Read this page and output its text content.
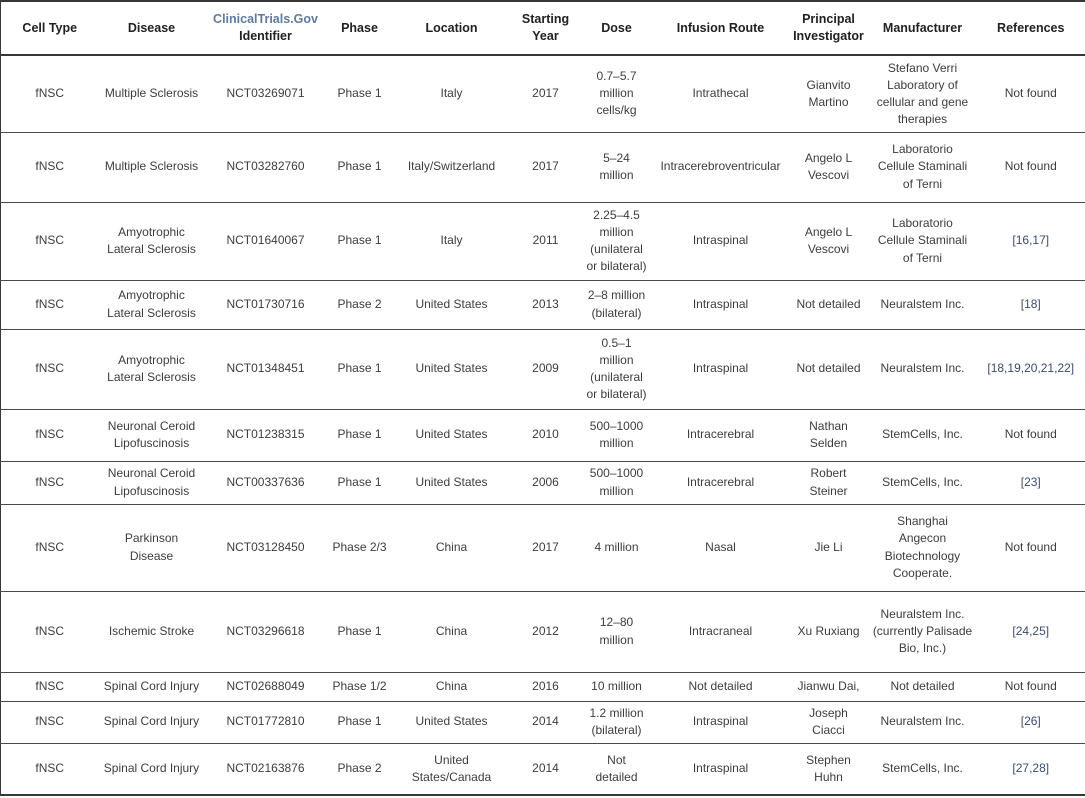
Cell Type	Disease	ClinicalTrials.Gov Identifier	Phase	Location	Starting Year	Dose	Infusion Route	Principal Investigator	Manufacturer	References
fNSC	Multiple Sclerosis	NCT03269071	Phase 1	Italy	2017	0.7–5.7 million cells/kg	Intrathecal	Gianvito Martino	Stefano Verri Laboratory of cellular and gene therapies	Not found
fNSC	Multiple Sclerosis	NCT03282760	Phase 1	Italy/Switzerland	2017	5–24 million	Intracerebroventricular	Angelo L Vescovi	Laboratorio Cellule Staminali of Terni	Not found
fNSC	Amyotrophic Lateral Sclerosis	NCT01640067	Phase 1	Italy	2011	2.25–4.5 million (unilateral or bilateral)	Intraspinal	Angelo L Vescovi	Laboratorio Cellule Staminali of Terni	[16,17]
fNSC	Amyotrophic Lateral Sclerosis	NCT01730716	Phase 2	United States	2013	2–8 million (bilateral)	Intraspinal	Not detailed	Neuralstem Inc.	[18]
fNSC	Amyotrophic Lateral Sclerosis	NCT01348451	Phase 1	United States	2009	0.5–1 million (unilateral or bilateral)	Intraspinal	Not detailed	Neuralstem Inc.	[18,19,20,21,22]
fNSC	Neuronal Ceroid Lipofuscinosis	NCT01238315	Phase 1	United States	2010	500–1000 million	Intracerebral	Nathan Selden	StemCells, Inc.	Not found
fNSC	Neuronal Ceroid Lipofuscinosis	NCT00337636	Phase 1	United States	2006	500–1000 million	Intracerebral	Robert Steiner	StemCells, Inc.	[23]
fNSC	Parkinson Disease	NCT03128450	Phase 2/3	China	2017	4 million	Nasal	Jie Li	Shanghai Angecon Biotechnology Cooperate.	Not found
fNSC	Ischemic Stroke	NCT03296618	Phase 1	China	2012	12–80 million	Intracraneal	Xu Ruxiang	Neuralstem Inc. (currently Palisade Bio, Inc.)	[24,25]
fNSC	Spinal Cord Injury	NCT02688049	Phase 1/2	China	2016	10 million	Not detailed	Jianwu Dai,	Not detailed	Not found
fNSC	Spinal Cord Injury	NCT01772810	Phase 1	United States	2014	1.2 million (bilateral)	Intraspinal	Joseph Ciacci	Neuralstem Inc.	[26]
fNSC	Spinal Cord Injury	NCT02163876	Phase 2	United States/Canada	2014	Not detailed	Intraspinal	Stephen Huhn	StemCells, Inc.	[27,28]
